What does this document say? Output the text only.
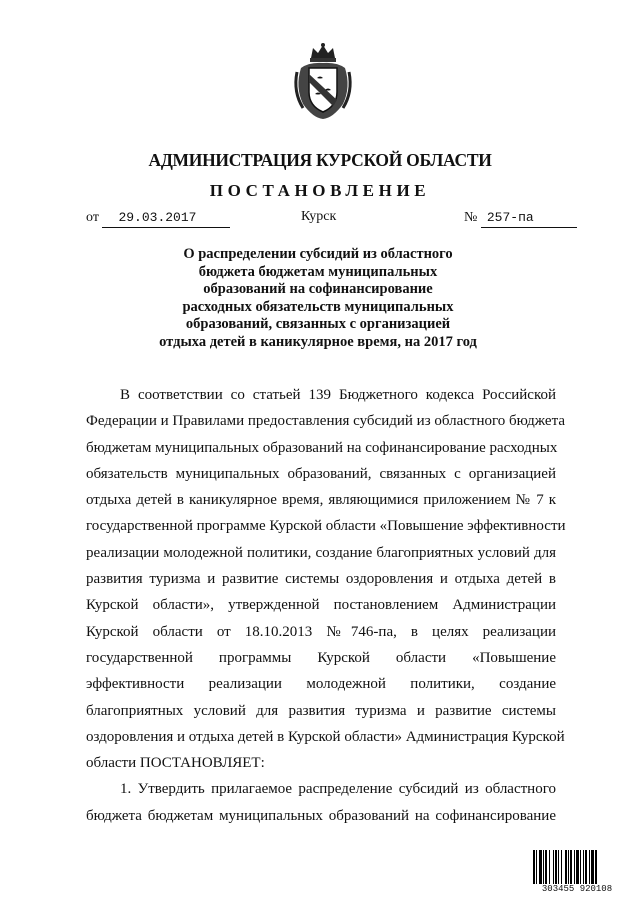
АДМИНИСТРАЦИЯ КУРСКОЙ ОБЛАСТИ
ПОСТАНОВЛЕНИЕ
от 29.03.2017	Курск	№ 257-па
О распределении субсидий из областного
бюджета бюджетам муниципальных
образований на софинансирование
расходных обязательств муниципальных
образований, связанных с организацией
отдыха детей в каникулярное время, на 2017 год
В соответствии со статьей 139 Бюджетного кодекса Российской
Федерации и Правилами предоставления субсидий из областного бюджета
бюджетам муниципальных образований на софинансирование расходных
обязательств муниципальных образований, связанных с организацией
отдыха детей в каникулярное время, являющимися приложением № 7 к
государственной программе Курской области «Повышение эффективности
реализации молодежной политики, создание благоприятных условий для
развития туризма и развитие системы оздоровления и отдыха детей в
Курской области», утвержденной постановлением Администрации
Курской области от 18.10.2013 №746-па, в целях реализации
государственной программы Курской области «Повышение
эффективности реализации молодежной политики, создание
благоприятных условий для развития туризма и развитие системы
оздоровления и отдыха детей в Курской области» Администрация Курской
области ПОСТАНОВЛЯЕТ:
1. Утвердить прилагаемое распределение субсидий из областного
бюджета бюджетам муниципальных образований на софинансирование
303455 920108
